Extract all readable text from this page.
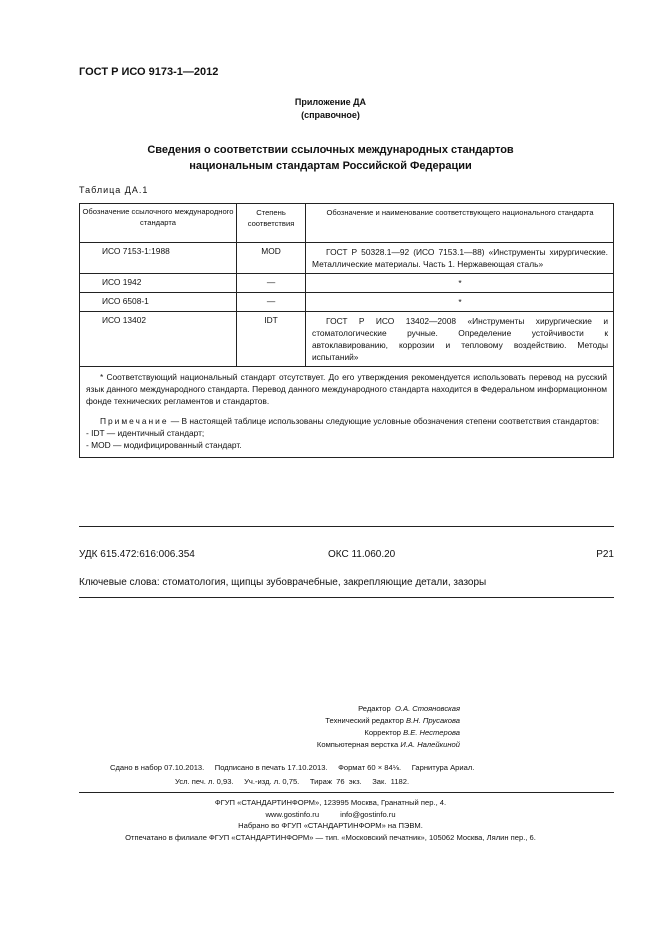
ГОСТ Р ИСО 9173-1—2012
Приложение ДА
(справочное)
Сведения о соответствии ссылочных международных стандартов
национальным стандартам Российской Федерации
Таблица ДА.1
Обозначение ссылочного международного стандарта	Степень соответствия	Обозначение и наименование соответствующего национального стандарта
ИСО 7153-1:1988	MOD	ГОСТ Р 50328.1—92 (ИСО 7153.1—88) «Инструменты хирургические. Металлические материалы. Часть 1. Нержавеющая сталь»
ИСО 1942	—	*
ИСО 6508-1	—	*
ИСО 13402	IDT	ГОСТ Р ИСО 13402—2008 «Инструменты хирургические и стоматологические ручные. Определение устойчивости к автоклавированию, коррозии и тепловому воздействию. Методы испытаний»

* Соответствующий национальный стандарт отсутствует. До его утверждения рекомендуется использовать перевод на русский язык данного международного стандарта. Перевод данного международного стандарта находится в Федеральном информационном фонде технических регламентов и стандартов.

Примечание — В настоящей таблице использованы следующие условные обозначения степени соответствия стандартов:

- IDT — идентичный стандарт;

- MOD — модифицированный стандарт.		

УДК 615.472:616:006.354	ОКС 11.060.20	Р21
Ключевые слова: стоматология, щипцы зубоврачебные, закрепляющие детали, зазоры
Редактор О.А. Стояновская
Технический редактор В.Н. Прусакова
Корректор В.Е. Нестерова
Компьютерная верстка И.А. Налейкиной
Сдано в набор 07.10.2013.     Подписано в печать 17.10.2013.     Формат 60 × 84⅛.     Гарнитура Ариал.
Усл. печ. л. 0,93.     Уч.-изд. л. 0,75.     Тираж  76  экз.     Зак.  1182.
ФГУП «СТАНДАРТИНФОРМ», 123995 Москва, Гранатный пер., 4.
www.gostinfo.ru          info@gostinfo.ru
Набрано во ФГУП «СТАНДАРТИНФОРМ» на ПЭВМ.
Отпечатано в филиале ФГУП «СТАНДАРТИНФОРМ» — тип. «Московский печатник», 105062 Москва, Лялин пер., 6.
